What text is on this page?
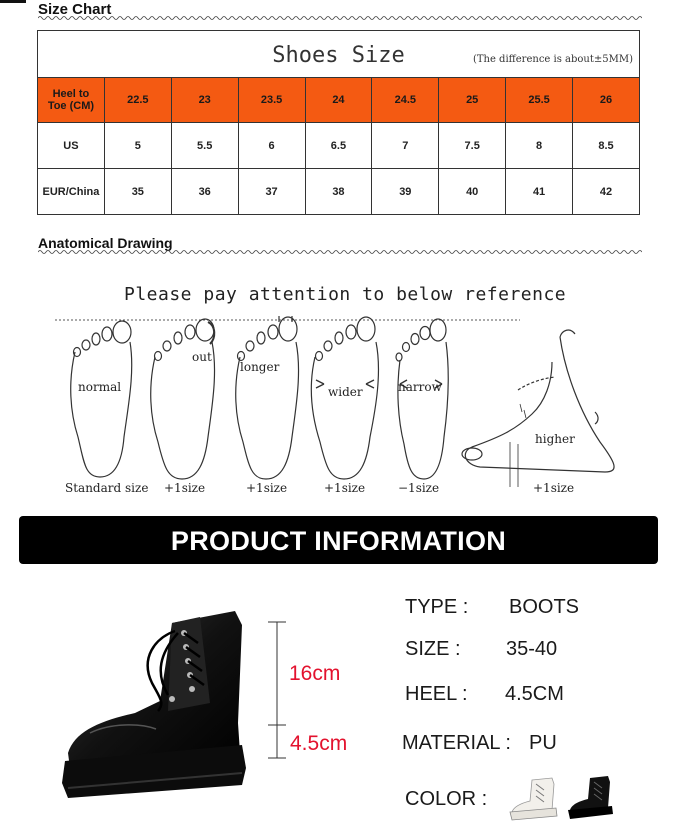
Size Chart
Shoes Size (The difference is about±5MM)								

Heel to
Toe (CM)	22.5	23	23.5	24	24.5	25	25.5	26
US	5	5.5	6	6.5	7	7.5	8	8.5
EUR/China	35	36	37	38	39	40	41	42
Anatomical Drawing
Please pay attention to below reference
normal
out
longer
wider	narrow
higher
Standard size +1size	+1size	+1size	−1size	+1size
PRODUCT INFORMATION
16cm
4.5cm
TYPE : BOOTS
SIZE : 35-40
HEEL : 4.5CM
MATERIAL : PU
COLOR :
